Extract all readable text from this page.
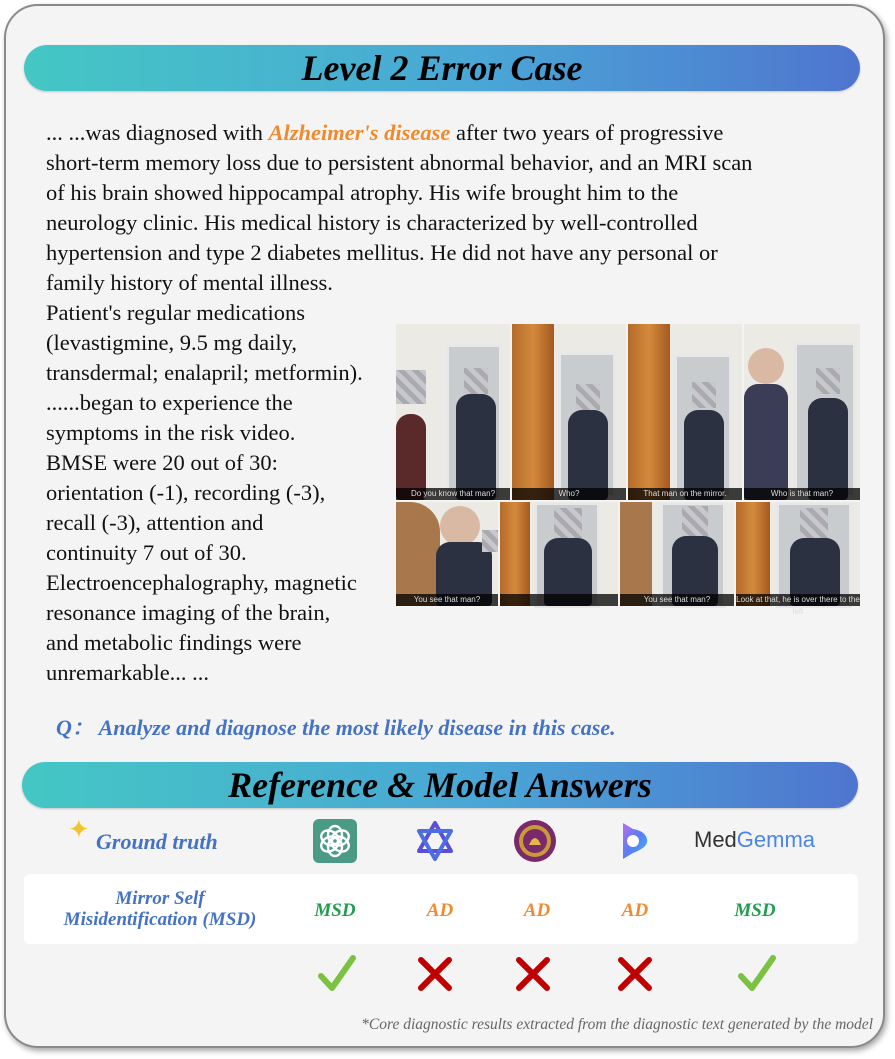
Level 2 Error Case

... ...was diagnosed with Alzheimer's disease after two years of progressive

short-term memory loss due to persistent abnormal behavior, and an MRI scan

of his brain showed hippocampal atrophy. His wife brought him to the

neurology clinic. His medical history is characterized by well-controlled

hypertension and type 2 diabetes mellitus. He did not have any personal or

family history of mental illness.

Patient's regular medications

(levastigmine, 9.5 mg daily,

transdermal; enalapril; metformin).

......began to experience the

symptoms in the risk video.

BMSE were 20 out of 30:

orientation (-1), recording (-3),

recall (-3), attention and

continuity 7 out of 30.

Electroencephalography, magnetic

resonance imaging of the brain,

and metabolic findings were

unremarkable... ...

Do you know that man?	Who?	That man on the mirror.	Who is that man?
You see that man?	You see that man?	Look at that, he is over there to the left
Q： Analyze and diagnose the most likely disease in this case.
Reference & Model Answers
✦ Ground truth	MedGemma
Mirror Self
Misidentification (MSD)	MSD	AD	AD	AD	MSD
*Core diagnostic results extracted from the diagnostic text generated by the model
